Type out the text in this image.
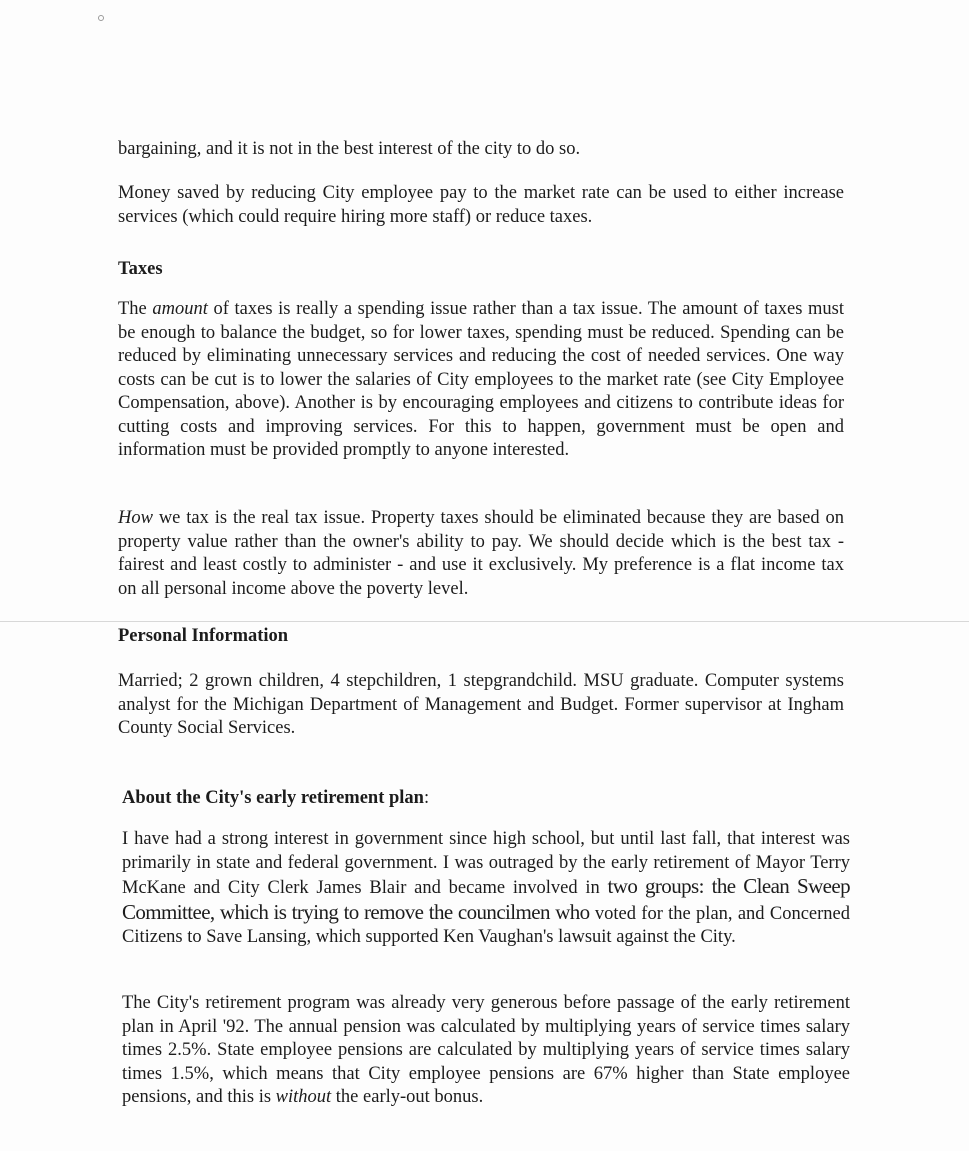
bargaining, and it is not in the best interest of the city to do so.

Money saved by reducing City employee pay to the market rate can be used to either increase services (which could require hiring more staff) or reduce taxes.

Taxes

The amount of taxes is really a spending issue rather than a tax issue. The amount of taxes must be enough to balance the budget, so for lower taxes, spending must be reduced. Spending can be reduced by eliminating unnecessary services and reducing the cost of needed services. One way costs can be cut is to lower the salaries of City employees to the market rate (see City Employee Compensation, above). Another is by encouraging employees and citizens to contribute ideas for cutting costs and improving services. For this to happen, government must be open and information must be provided promptly to anyone interested.

How we tax is the real tax issue. Property taxes should be eliminated because they are based on property value rather than the owner's ability to pay. We should decide which is the best tax - fairest and least costly to administer - and use it exclusively. My preference is a flat income tax on all personal income above the poverty level.

Personal Information

Married; 2 grown children, 4 stepchildren, 1 stepgrandchild. MSU graduate. Computer systems analyst for the Michigan Department of Management and Budget. Former supervisor at Ingham County Social Services.

About the City's early retirement plan:

I have had a strong interest in government since high school, but until last fall, that interest was primarily in state and federal government. I was outraged by the early retirement of Mayor Terry McKane and City Clerk James Blair and became involved in two groups: the Clean Sweep Committee, which is trying to remove the councilmen who voted for the plan, and Concerned Citizens to Save Lansing, which supported Ken Vaughan's lawsuit against the City.

The City's retirement program was already very generous before passage of the early retirement plan in April '92. The annual pension was calculated by multiplying years of service times salary times 2.5%. State employee pensions are calculated by multiplying years of service times salary times 1.5%, which means that City employee pensions are 67% higher than State employee pensions, and this is without the early-out bonus.
